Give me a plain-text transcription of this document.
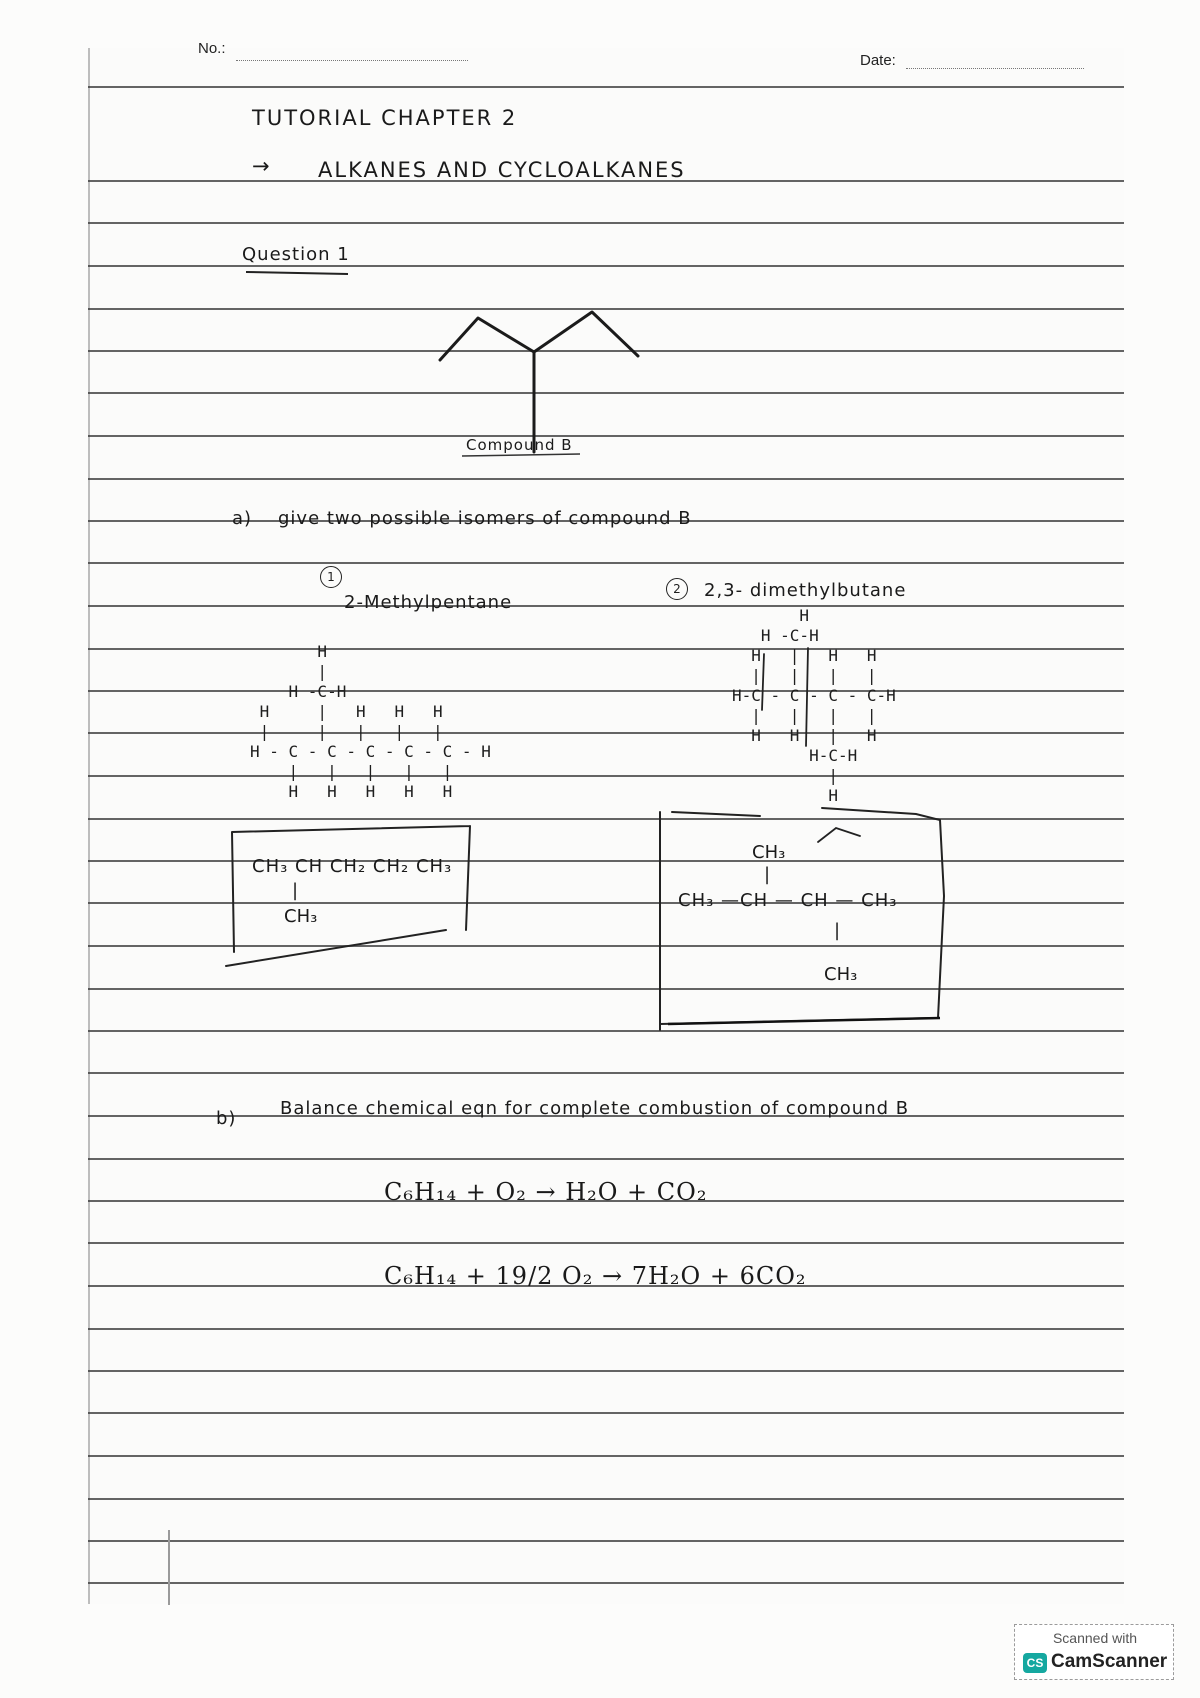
No.:
Date:
TUTORIAL CHAPTER 2
→ ALKANES AND CYCLOALKANES
Question 1
Compound B
a) give two possible isomers of compound B
1
2-Methylpentane
H
|
H -C-H
H     |   H   H   H
|     |   |   |   |
H - C - C - C - C - C - H
|   |   |   |   |
H   H   H   H   H
CH₃ CH CH₂ CH₂ CH₃
|
CH₃
2	2,3- dimethylbutane
H
H -C-H
H   |   H   H
|   |   |   |
H-C - C - C - C-H
|   |   |   |
H   H   |   H
H-C-H
|
H
CH₃
|
CH₃ —CH — CH — CH₃
|
CH₃
b) Balance chemical eqn for complete combustion of compound B
C₆H₁₄ + O₂ → H₂O + CO₂
C₆H₁₄ + 19/2 O₂ → 7H₂O + 6CO₂
Scanned with
CS CamScanner
